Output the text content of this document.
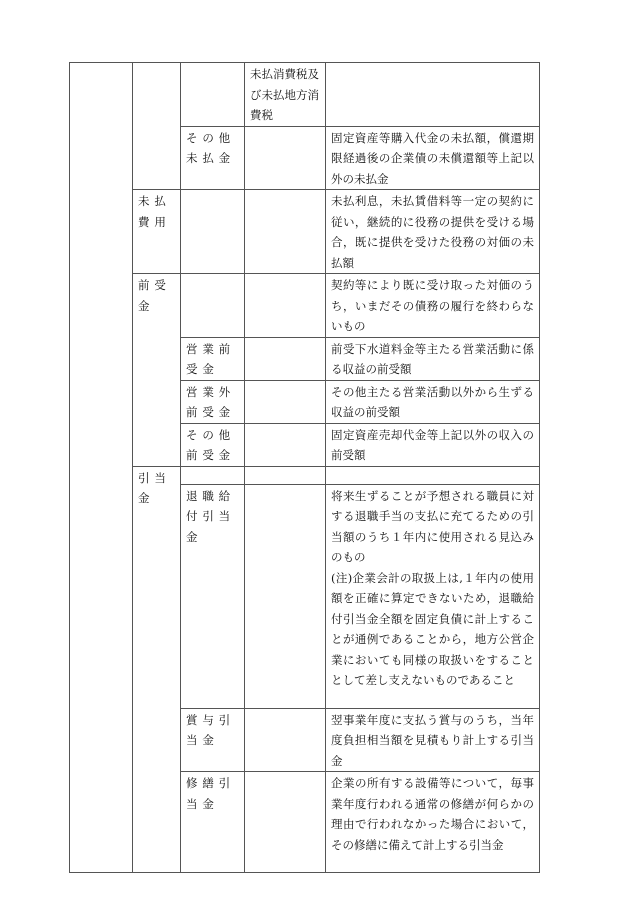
			未払消費税及び未払地方消費税	
		その他未払金		固定資産等購入代金の未払額，償還期限経過後の企業債の未償還額等上記以外の未払金
	未払費用			未払利息，未払賃借料等一定の契約に従い，継続的に役務の提供を受ける場合，既に提供を受けた役務の対価の未払額
	前受金			契約等により既に受け取った対価のうち，いまだその債務の履行を終わらないもの
		営業前受金		前受下水道料金等主たる営業活動に係る収益の前受額
		営業外前受金		その他主たる営業活動以外から生ずる収益の前受額
		その他前受金		固定資産売却代金等上記以外の収入の前受額
	引当金			
		退職給付引当金		将来生ずることが予想される職員に対する退職手当の支払に充てるための引当額のうち１年内に使用される見込みのもの
(注)企業会計の取扱上は,１年内の使用額を正確に算定できないため，退職給付引当金全額を固定負債に計上することが通例であることから，地方公営企業においても同様の取扱いをすることとして差し支えないものであること

		賞与引当金		翌事業年度に支払う賞与のうち，当年度負担相当額を見積もり計上する引当金
		修繕引当金		企業の所有する設備等について，毎事業年度行われる通常の修繕が何らかの理由で行われなかった場合において，その修繕に備えて計上する引当金
